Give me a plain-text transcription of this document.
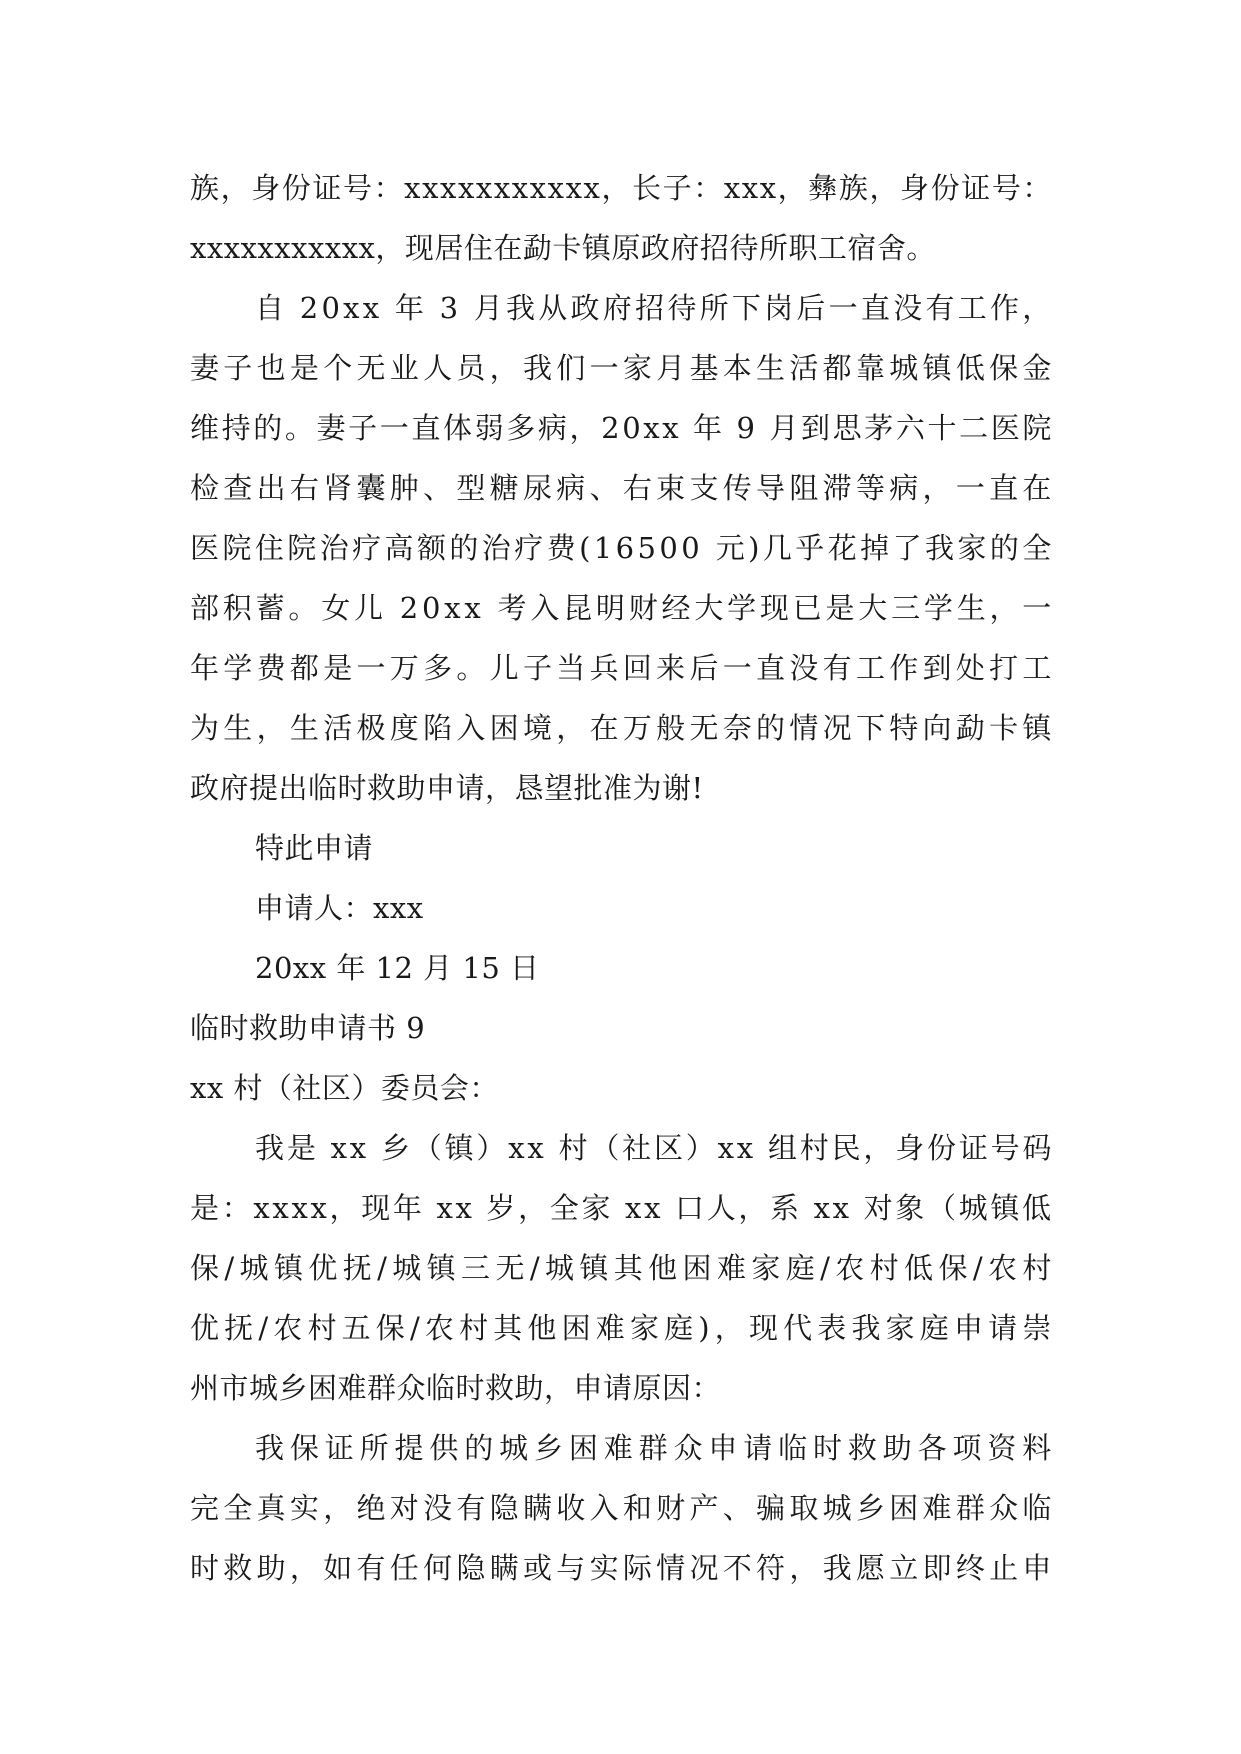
族 ， 身 份 证 号 ： x x x x x x x x x x x ， 长 子 ： x x x ， 彝 族 ， 身 份 证 号 ：
xxxxxxxxxxx，现居住在勐卡镇原政府招待所职工宿舍。
自
2 0 x x
年
3
月 我 从 政 府 招 待 所 下 岗 后 一 直 没 有 工 作 ，
妻 子 也 是 个 无 业 人 员 ， 我 们 一 家 月 基 本 生 活 都 靠 城 镇 低 保 金
维 持 的 。 妻 子 一 直 体 弱 多 病 ， 2 0 x x
年
9
月 到 思 茅 六 十 二 医 院
检 查 出 右 肾 囊 肿 、 型 糖 尿 病 、 右 束 支 传 导 阻 滞 等 病 ， 一 直 在
医 院 住 院 治 疗 高 额 的 治 疗 费 ( 1 6 5 0 0
元 ) 几 乎 花 掉 了 我 家 的 全
部 积 蓄 。 女 儿
2 0 x x
考 入 昆 明 财 经 大 学 现 已 是 大 三 学 生 ， 一
年 学 费 都 是 一 万 多 。 儿 子 当 兵 回 来 后 一 直 没 有 工 作 到 处 打 工
为 生 ， 生 活 极 度 陷 入 困 境 ， 在 万 般 无 奈 的 情 况 下 特 向 勐 卡 镇
政府提出临时救助申请，恳望批准为谢!
特此申请
申请人：xxx
20xx 年 12 月 15 日
临时救助申请书 9
xx 村（社区）委员会：
我 是
x x
乡 （ 镇 ） x x
村 （ 社 区 ） x x
组 村 民 ， 身 份 证 号 码
是 ： x x x x ， 现 年
x x
岁 ， 全 家
x x
口 人 ， 系
x x
对 象 （ 城 镇 低
保 / 城 镇 优 抚 / 城 镇 三 无 / 城 镇 其 他 困 难 家 庭 / 农 村 低 保 / 农 村
优 抚 / 农 村 五 保 / 农 村 其 他 困 难 家 庭 ) ， 现 代 表 我 家 庭 申 请 崇
州市城乡困难群众临时救助，申请原因：
我 保 证 所 提 供 的 城 乡 困 难 群 众 申 请 临 时 救 助 各 项 资 料
完 全 真 实 ， 绝 对 没 有 隐 瞒 收 入 和 财 产 、 骗 取 城 乡 困 难 群 众 临
时 救 助 ， 如 有 任 何 隐 瞒 或 与 实 际 情 况 不 符 ， 我 愿 立 即 终 止 申
